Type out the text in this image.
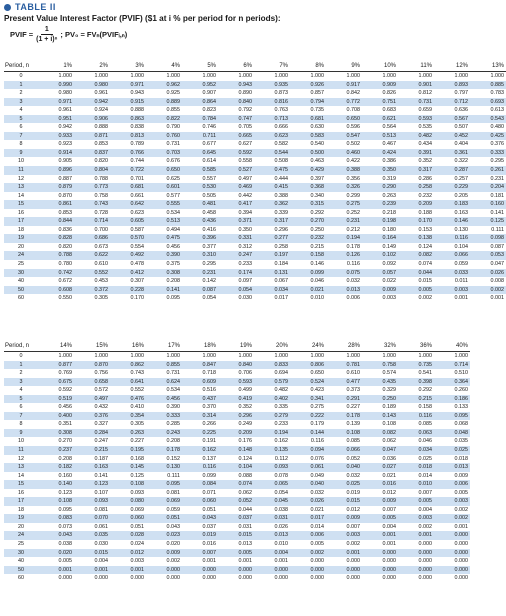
TABLE II
Present Value Interest Factor (PVIF) ($1 at i % per period for n periods):
PVIF = $\frac{1}{\text{(1 + i)ⁿ}}$ ; PV₀ = FVₙ(PVIFᵢ,ₙ)
Period, n	1%	2%	3%	4%	5%	6%	7%	8%	9%	10%	11%	12%	13%
0	1.000	1.000	1.000	1.000	1.000	1.000	1.000	1.000	1.000	1.000	1.000	1.000	1.000
1	0.990	0.980	0.971	0.962	0.952	0.943	0.935	0.926	0.917	0.909	0.901	0.893	0.885
2	0.980	0.961	0.943	0.925	0.907	0.890	0.873	0.857	0.842	0.826	0.812	0.797	0.783
3	0.971	0.942	0.915	0.889	0.864	0.840	0.816	0.794	0.772	0.751	0.731	0.712	0.693
4	0.961	0.924	0.888	0.855	0.823	0.792	0.763	0.735	0.708	0.683	0.659	0.636	0.613
5	0.951	0.906	0.863	0.822	0.784	0.747	0.713	0.681	0.650	0.621	0.593	0.567	0.543
6	0.942	0.888	0.838	0.790	0.746	0.705	0.666	0.630	0.596	0.564	0.535	0.507	0.480
7	0.933	0.871	0.813	0.760	0.711	0.665	0.623	0.583	0.547	0.513	0.482	0.452	0.425
8	0.923	0.853	0.789	0.731	0.677	0.627	0.582	0.540	0.502	0.467	0.434	0.404	0.376
9	0.914	0.837	0.766	0.703	0.645	0.592	0.544	0.500	0.460	0.424	0.391	0.361	0.333
10	0.905	0.820	0.744	0.676	0.614	0.558	0.508	0.463	0.422	0.386	0.352	0.322	0.295
11	0.896	0.804	0.722	0.650	0.585	0.527	0.475	0.429	0.388	0.350	0.317	0.287	0.261
12	0.887	0.788	0.701	0.625	0.557	0.497	0.444	0.397	0.356	0.319	0.286	0.257	0.231
13	0.879	0.773	0.681	0.601	0.530	0.469	0.415	0.368	0.326	0.290	0.258	0.229	0.204
14	0.870	0.758	0.661	0.577	0.505	0.442	0.388	0.340	0.299	0.263	0.232	0.205	0.181
15	0.861	0.743	0.642	0.555	0.481	0.417	0.362	0.315	0.275	0.239	0.209	0.183	0.160
16	0.853	0.728	0.623	0.534	0.458	0.394	0.339	0.292	0.252	0.218	0.188	0.163	0.141
17	0.844	0.714	0.605	0.513	0.436	0.371	0.317	0.270	0.231	0.198	0.170	0.146	0.125
18	0.836	0.700	0.587	0.494	0.416	0.350	0.296	0.250	0.212	0.180	0.153	0.130	0.111
19	0.828	0.686	0.570	0.475	0.396	0.331	0.277	0.232	0.194	0.164	0.138	0.116	0.098
20	0.820	0.673	0.554	0.456	0.377	0.312	0.258	0.215	0.178	0.149	0.124	0.104	0.087
24	0.788	0.622	0.492	0.390	0.310	0.247	0.197	0.158	0.126	0.102	0.082	0.066	0.053
25	0.780	0.610	0.478	0.375	0.295	0.233	0.184	0.146	0.116	0.092	0.074	0.059	0.047
30	0.742	0.552	0.412	0.308	0.231	0.174	0.131	0.099	0.075	0.057	0.044	0.033	0.026
40	0.672	0.453	0.307	0.208	0.142	0.097	0.067	0.046	0.032	0.022	0.015	0.011	0.008
50	0.608	0.372	0.228	0.141	0.087	0.054	0.034	0.021	0.013	0.009	0.005	0.003	0.002
60	0.550	0.305	0.170	0.095	0.054	0.030	0.017	0.010	0.006	0.003	0.002	0.001	0.001
Period, n	14%	15%	16%	17%	18%	19%	20%	24%	28%	32%	36%	40%
0	1.000	1.000	1.000	1.000	1.000	1.000	1.000	1.000	1.000	1.000	1.000	1.000
1	0.877	0.870	0.862	0.855	0.847	0.840	0.833	0.806	0.781	0.758	0.735	0.714
2	0.769	0.756	0.743	0.731	0.718	0.706	0.694	0.650	0.610	0.574	0.541	0.510
3	0.675	0.658	0.641	0.624	0.609	0.593	0.579	0.524	0.477	0.435	0.398	0.364
4	0.592	0.572	0.552	0.534	0.516	0.499	0.482	0.423	0.373	0.329	0.292	0.260
5	0.519	0.497	0.476	0.456	0.437	0.419	0.402	0.341	0.291	0.250	0.215	0.186
6	0.456	0.432	0.410	0.390	0.370	0.352	0.335	0.275	0.227	0.189	0.158	0.133
7	0.400	0.376	0.354	0.333	0.314	0.296	0.279	0.222	0.178	0.143	0.116	0.095
8	0.351	0.327	0.305	0.285	0.266	0.249	0.233	0.179	0.139	0.108	0.085	0.068
9	0.308	0.284	0.263	0.243	0.225	0.209	0.194	0.144	0.108	0.082	0.063	0.048
10	0.270	0.247	0.227	0.208	0.191	0.176	0.162	0.116	0.085	0.062	0.046	0.035
11	0.237	0.215	0.195	0.178	0.162	0.148	0.135	0.094	0.066	0.047	0.034	0.025
12	0.208	0.187	0.168	0.152	0.137	0.124	0.112	0.076	0.052	0.036	0.025	0.018
13	0.182	0.163	0.145	0.130	0.116	0.104	0.093	0.061	0.040	0.027	0.018	0.013
14	0.160	0.141	0.125	0.111	0.099	0.088	0.078	0.049	0.032	0.021	0.014	0.009
15	0.140	0.123	0.108	0.095	0.084	0.074	0.065	0.040	0.025	0.016	0.010	0.006
16	0.123	0.107	0.093	0.081	0.071	0.062	0.054	0.032	0.019	0.012	0.007	0.005
17	0.108	0.093	0.080	0.069	0.060	0.052	0.045	0.026	0.015	0.009	0.005	0.003
18	0.095	0.081	0.069	0.059	0.051	0.044	0.038	0.021	0.012	0.007	0.004	0.002
19	0.083	0.070	0.060	0.051	0.043	0.037	0.031	0.017	0.009	0.005	0.003	0.002
20	0.073	0.061	0.051	0.043	0.037	0.031	0.026	0.014	0.007	0.004	0.002	0.001
24	0.043	0.035	0.028	0.023	0.019	0.015	0.013	0.006	0.003	0.001	0.001	0.000
25	0.038	0.030	0.024	0.020	0.016	0.013	0.010	0.005	0.002	0.001	0.000	0.000
30	0.020	0.015	0.012	0.009	0.007	0.005	0.004	0.002	0.001	0.000	0.000	0.000
40	0.005	0.004	0.003	0.002	0.001	0.001	0.001	0.000	0.000	0.000	0.000	0.000
50	0.001	0.001	0.001	0.000	0.000	0.000	0.000	0.000	0.000	0.000	0.000	0.000
60	0.000	0.000	0.000	0.000	0.000	0.000	0.000	0.000	0.000	0.000	0.000	0.000
